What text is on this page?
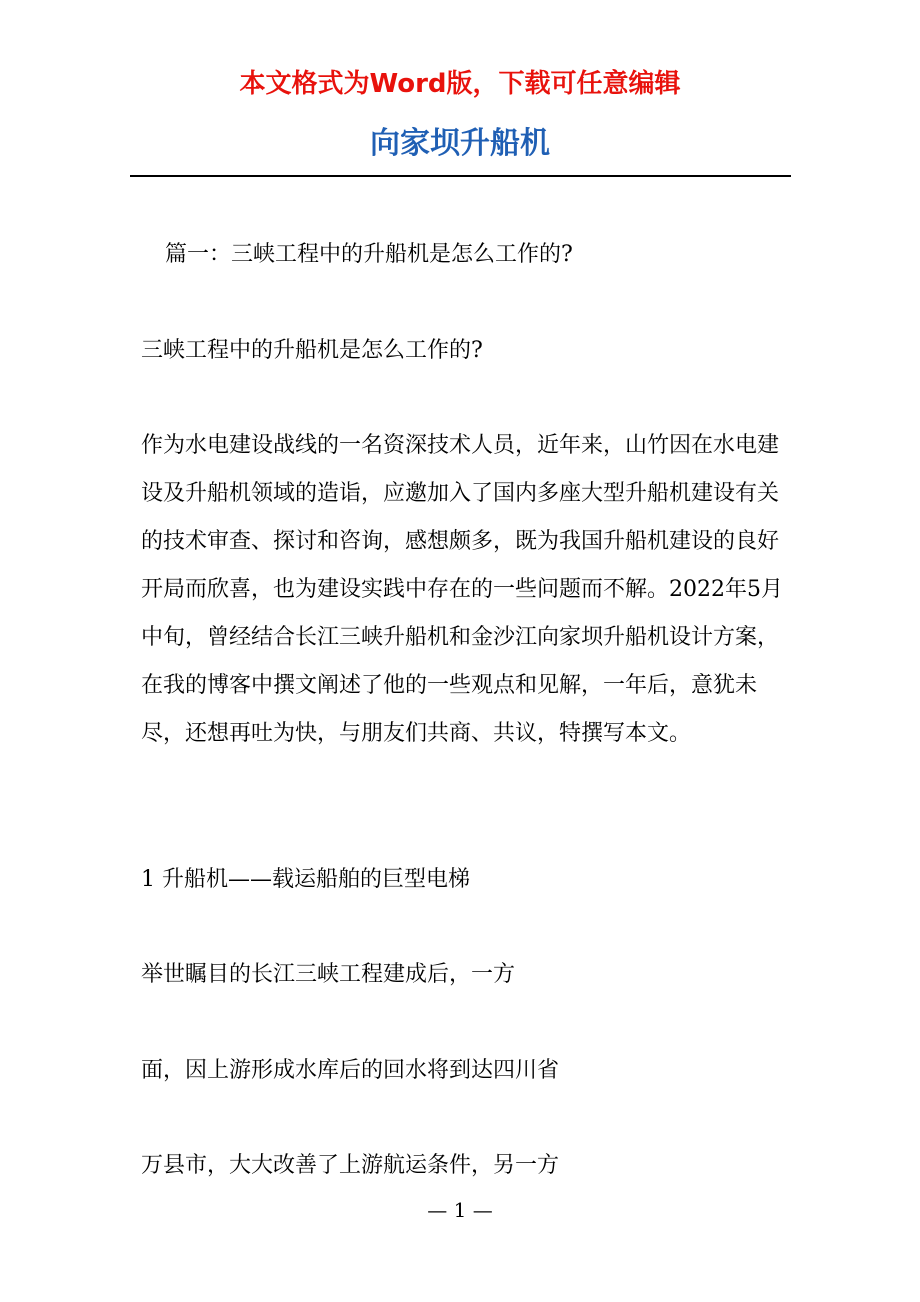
本文格式为Word版，下载可任意编辑
向家坝升船机

篇一：三峡工程中的升船机是怎么工作的?

三峡工程中的升船机是怎么工作的?

作为水电建设战线的一名资深技术人员，近年来，山竹因在水电建设及升船机领域的造诣，应邀加入了国内多座大型升船机建设有关的技术审查、探讨和咨询，感想颇多，既为我国升船机建设的良好开局而欣喜，也为建设实践中存在的一些问题而不解。2022年5月中旬，曾经结合长江三峡升船机和金沙江向家坝升船机设计方案，在我的博客中撰文阐述了他的一些观点和见解，一年后，意犹未尽，还想再吐为快，与朋友们共商、共议，特撰写本文。

1 升船机——载运船舶的巨型电梯

举世瞩目的长江三峡工程建成后，一方

面，因上游形成水库后的回水将到达四川省

万县市，大大改善了上游航运条件，另一方

— 1 —
